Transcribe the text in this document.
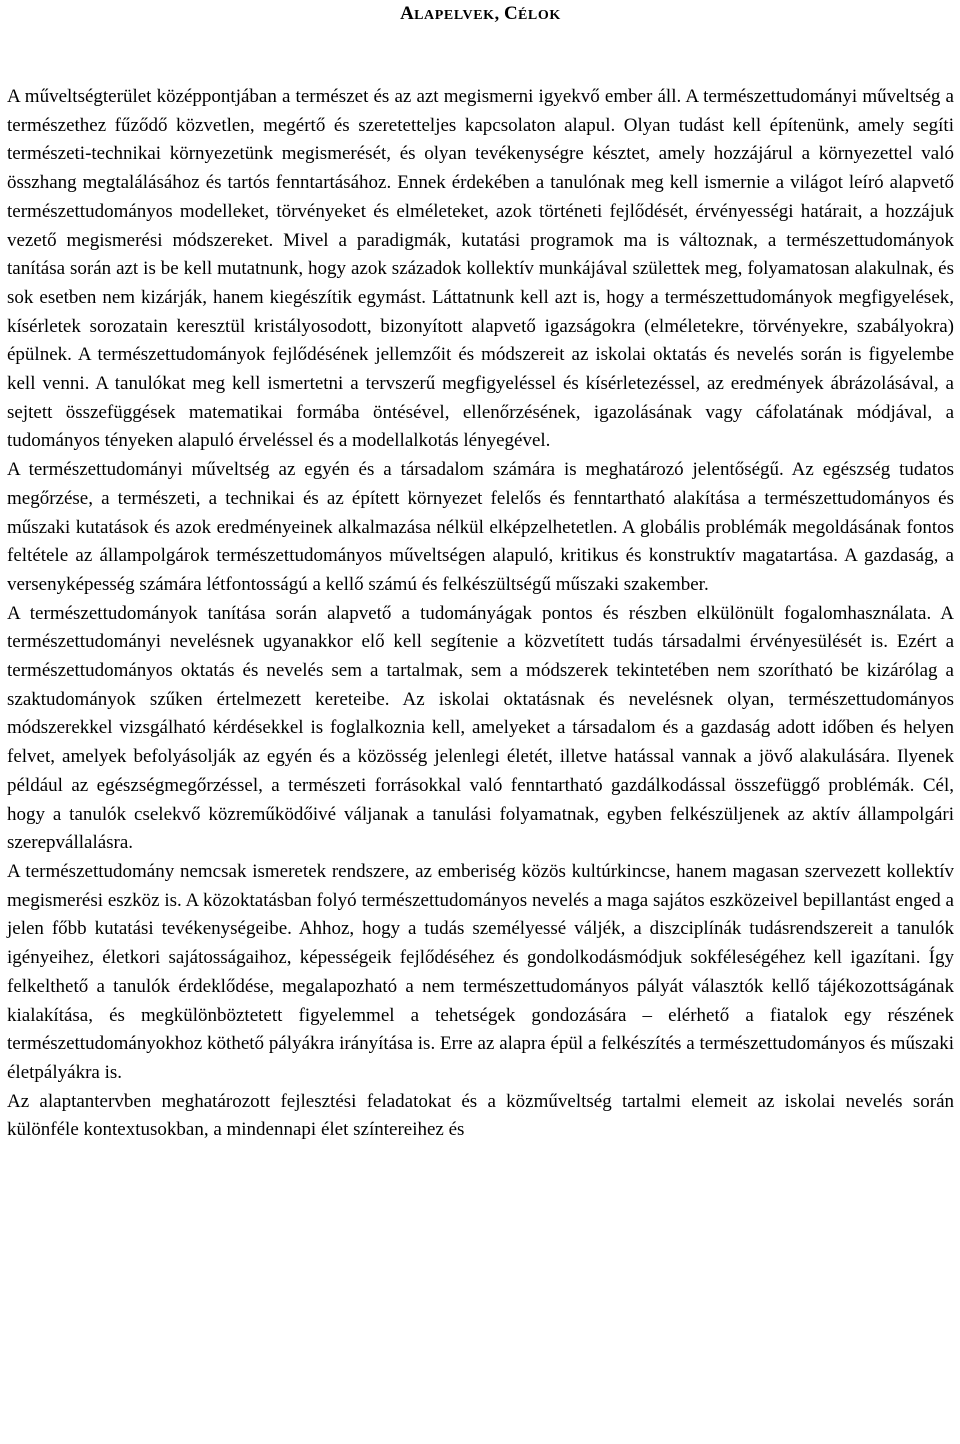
ALAPELVEK, CÉLOK

A műveltségterület középpontjában a természet és az azt megismerni igyekvő ember áll. A természettudományi műveltség a természethez fűződő közvetlen, megértő és szeretetteljes kapcsolaton alapul. Olyan tudást kell építenünk, amely segíti természeti-technikai környezetünk megismerését, és olyan tevékenységre késztet, amely hozzájárul a környezettel való összhang megtalálásához és tartós fenntartásához. Ennek érdekében a tanulónak meg kell ismernie a világot leíró alapvető természettudományos modelleket, törvényeket és elméleteket, azok történeti fejlődését, érvényességi határait, a hozzájuk vezető megismerési módszereket. Mivel a paradigmák, kutatási programok ma is változnak, a természettudományok tanítása során azt is be kell mutatnunk, hogy azok századok kollektív munkájával születtek meg, folyamatosan alakulnak, és sok esetben nem kizárják, hanem kiegészítik egymást. Láttatnunk kell azt is, hogy a természettudományok megfigyelések, kísérletek sorozatain keresztül kristályosodott, bizonyított alapvető igazságokra (elméletekre, törvényekre, szabályokra) épülnek. A természettudományok fejlődésének jellemzőit és módszereit az iskolai oktatás és nevelés során is figyelembe kell venni. A tanulókat meg kell ismertetni a tervszerű megfigyeléssel és kísérletezéssel, az eredmények ábrázolásával, a sejtett összefüggések matematikai formába öntésével, ellenőrzésének, igazolásának vagy cáfolatának módjával, a tudományos tényeken alapuló érveléssel és a modellalkotás lényegével.

A természettudományi műveltség az egyén és a társadalom számára is meghatározó jelentőségű. Az egészség tudatos megőrzése, a természeti, a technikai és az épített környezet felelős és fenntartható alakítása a természettudományos és műszaki kutatások és azok eredményeinek alkalmazása nélkül elképzelhetetlen. A globális problémák megoldásának fontos feltétele az állampolgárok természettudományos műveltségen alapuló, kritikus és konstruktív magatartása. A gazdaság, a versenyképesség számára létfontosságú a kellő számú és felkészültségű műszaki szakember.

A természettudományok tanítása során alapvető a tudományágak pontos és részben elkülönült fogalomhasználata. A természettudományi nevelésnek ugyanakkor elő kell segítenie a közvetített tudás társadalmi érvényesülését is. Ezért a természettudományos oktatás és nevelés sem a tartalmak, sem a módszerek tekintetében nem szorítható be kizárólag a szaktudományok szűken értelmezett kereteibe. Az iskolai oktatásnak és nevelésnek olyan, természettudományos módszerekkel vizsgálható kérdésekkel is foglalkoznia kell, amelyeket a társadalom és a gazdaság adott időben és helyen felvet, amelyek befolyásolják az egyén és a közösség jelenlegi életét, illetve hatással vannak a jövő alakulására. Ilyenek például az egészségmegőrzéssel, a természeti forrásokkal való fenntartható gazdálkodással összefüggő problémák. Cél, hogy a tanulók cselekvő közreműködőivé váljanak a tanulási folyamatnak, egyben felkészüljenek az aktív állampolgári szerepvállalásra.

A természettudomány nemcsak ismeretek rendszere, az emberiség közös kultúrkincse, hanem magasan szervezett kollektív megismerési eszköz is. A közoktatásban folyó természettudományos nevelés a maga sajátos eszközeivel bepillantást enged a jelen főbb kutatási tevékenységeibe. Ahhoz, hogy a tudás személyessé váljék, a diszciplínák tudásrendszereit a tanulók igényeihez, életkori sajátosságaihoz, képességeik fejlődéséhez és gondolkodásmódjuk sokféleségéhez kell igazítani. Így felkelthető a tanulók érdeklődése, megalapozható a nem természettudományos pályát választók kellő tájékozottságának kialakítása, és megkülönböztetett figyelemmel a tehetségek gondozására – elérhető a fiatalok egy részének természettudományokhoz köthető pályákra irányítása is. Erre az alapra épül a felkészítés a természettudományos és műszaki életpályákra is.

Az alaptantervben meghatározott fejlesztési feladatokat és a közműveltség tartalmi elemeit az iskolai nevelés során különféle kontextusokban, a mindennapi élet színtereihez és
